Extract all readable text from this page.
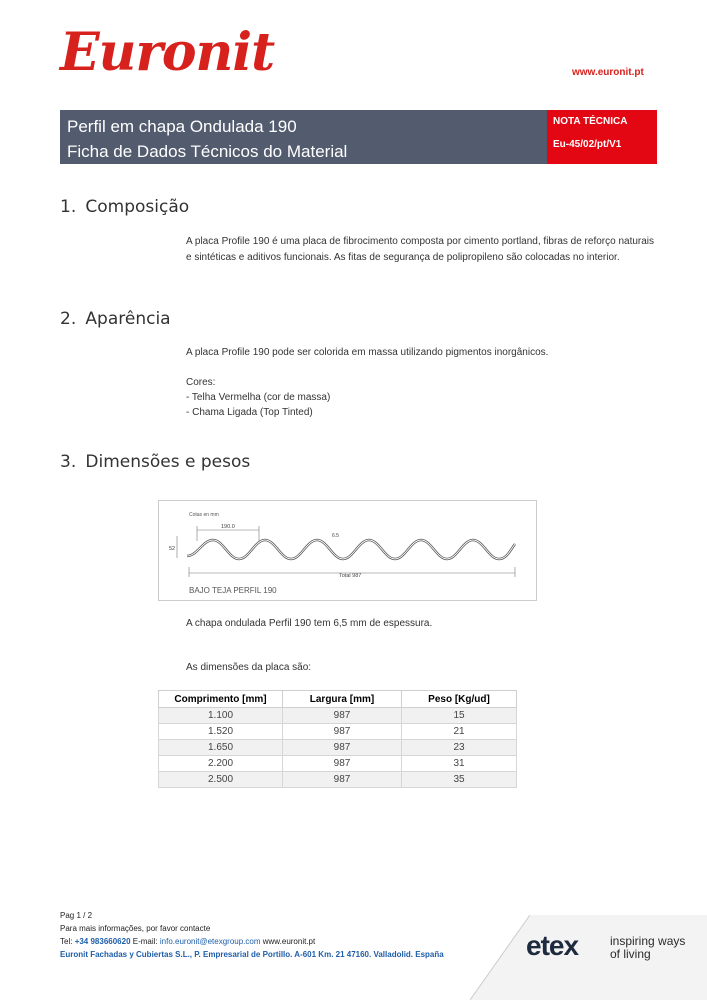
Euronit	www.euronit.pt
Perfil em chapa Ondulada 190
Ficha de Dados Técnicos do Material
NOTA TÉCNICA
Eu-45/02/pt/V1
1. Composição
A placa Profile 190 é uma placa de fibrocimento composta por cimento portland, fibras de reforço naturais e sintéticas e aditivos funcionais. As fitas de segurança de polipropileno são colocadas no interior.
2. Aparência
A placa Profile 190 pode ser colorida em massa utilizando pigmentos inorgânicos.
Cores:
- Telha Vermelha (cor de massa)
- Chama Ligada (Top Tinted)
3. Dimensões e pesos
Cotas en mm
190.0
52
6.5
Total 987
BAJO TEJA PERFIL 190
A chapa ondulada Perfil 190 tem 6,5 mm de espessura.
As dimensões da placa são:
Comprimento [mm]	Largura [mm]	Peso [Kg/ud]
1.100	987	15
1.520	987	21
1.650	987	23
2.200	987	31
2.500	987	35
etex	inspiring ways
of living
Pag 1 / 2
Para mais informações, por favor contacte
Tel: +34 983660620 E-mail: info.euronit@etexgroup.com www.euronit.pt
Euronit Fachadas y Cubiertas S.L., P. Empresarial de Portillo. A-601 Km. 21 47160. Valladolid. España
